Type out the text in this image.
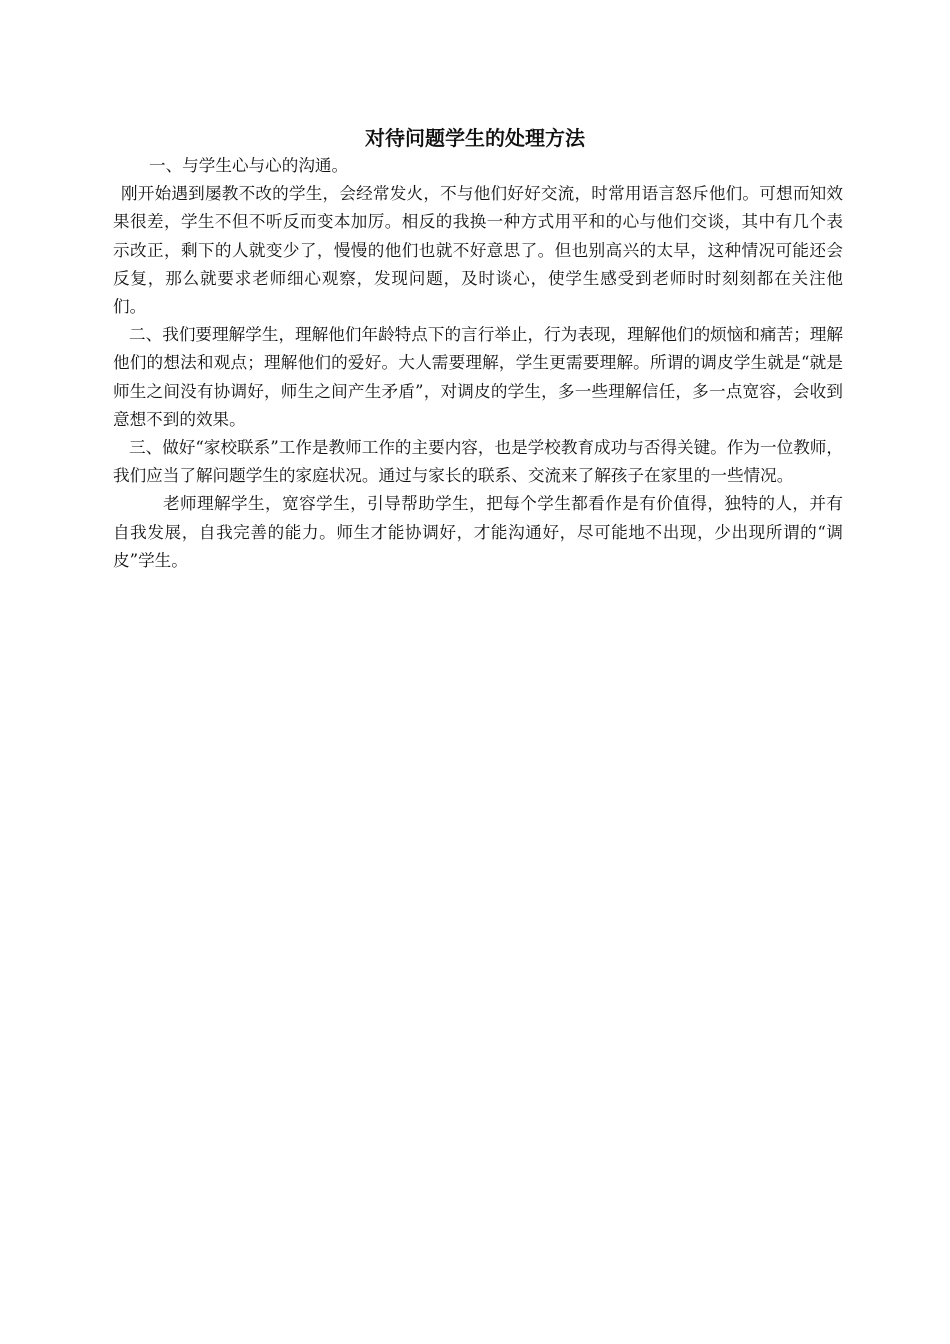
对待问题学生的处理方法

一、与学生心与心的沟通。

刚开始遇到屡教不改的学生，会经常发火，不与他们好好交流，时常用语言怒斥他们。可想而知效果很差，学生不但不听反而变本加厉。相反的我换一种方式用平和的心与他们交谈，其中有几个表示改正，剩下的人就变少了，慢慢的他们也就不好意思了。但也别高兴的太早，这种情况可能还会反复，那么就要求老师细心观察，发现问题，及时谈心，使学生感受到老师时时刻刻都在关注他们。

二、我们要理解学生，理解他们年龄特点下的言行举止，行为表现，理解他们的烦恼和痛苦；理解他们的想法和观点；理解他们的爱好。大人需要理解，学生更需要理解。所谓的调皮学生就是“就是师生之间没有协调好，师生之间产生矛盾”，对调皮的学生，多一些理解信任，多一点宽容，会收到意想不到的效果。

三、做好“家校联系”工作是教师工作的主要内容，也是学校教育成功与否得关键。作为一位教师，我们应当了解问题学生的家庭状况。通过与家长的联系、交流来了解孩子在家里的一些情况。

老师理解学生，宽容学生，引导帮助学生，把每个学生都看作是有价值得，独特的人，并有自我发展，自我完善的能力。师生才能协调好，才能沟通好，尽可能地不出现，少出现所谓的“调皮”学生。
